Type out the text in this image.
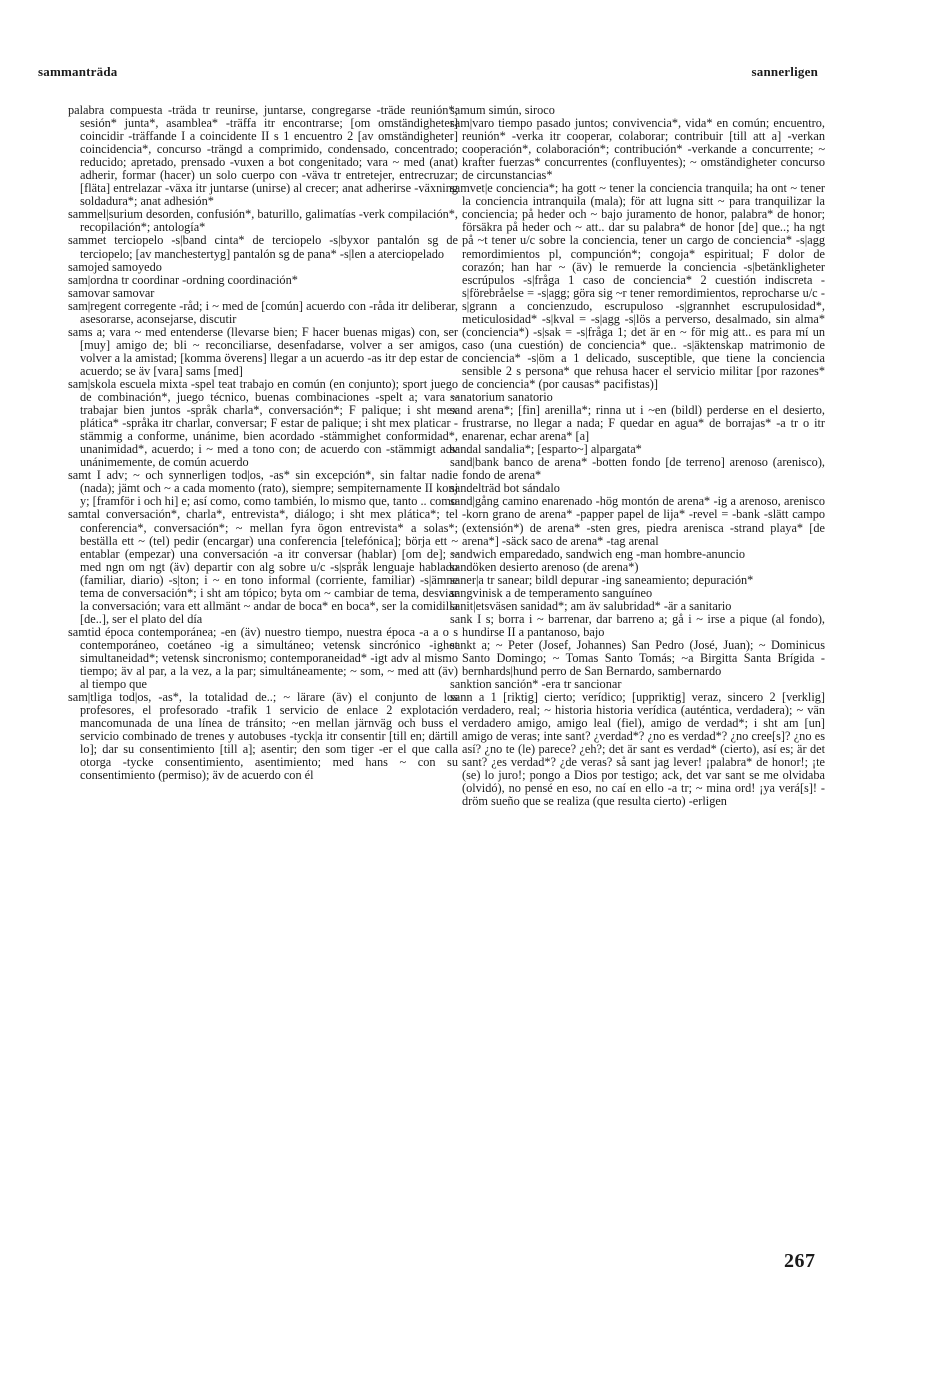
sammanträda	sannerligen

palabra compuesta -träda tr reunirse, juntarse, congregarse -träde reunión*; sesión* junta*, asamblea* -träffa itr encontrarse; [om omständigheter] coincidir -träffande I a coincidente II s 1 encuentro 2 [av omständigheter] coincidencia*, concurso -trängd a comprimido, condensado, concentrado; reducido; apretado, prensado -vuxen a bot congenitado; vara ~ med (anat) adherir, formar (hacer) un solo cuerpo con -väva tr entretejer, entrecruzar; [fläta] entrelazar -växa itr juntarse (unirse) al crecer; anat adherirse -växning soldadura*; anat adhesión*

sammel|surium desorden, confusión*, baturillo, galimatías -verk compilación*, recopilación*; antología*

sammet terciopelo -s|band cinta* de terciopelo -s|byxor pantalón sg de terciopelo; [av manchestertyg] pantalón sg de pana* -s|len a aterciopelado

samojed samoyedo

sam|ordna tr coordinar -ordning coordinación*

samovar samovar

sam|regent corregente -råd; i ~ med de [común] acuerdo con -råda itr deliberar, asesorarse, aconsejarse, discutir

sams a; vara ~ med entenderse (llevarse bien; F hacer buenas migas) con, ser [muy] amigo de; bli ~ reconciliarse, desenfadarse, volver a ser amigos, volver a la amistad; [komma överens] llegar a un acuerdo -as itr dep estar de acuerdo; se äv [vara] sams [med]

sam|skola escuela mixta -spel teat trabajo en común (en conjunto); sport juego de combinación*, juego técnico, buenas combinaciones -spelt a; vara ~ trabajar bien juntos -språk charla*, conversación*; F palique; i sht mex plática* -språka itr charlar, conversar; F estar de palique; i sht mex platicar -stämmig a conforme, unánime, bien acordado -stämmighet conformidad*, unanimidad*, acuerdo; i ~ med a tono con; de acuerdo con -stämmigt adv unánimemente, de común acuerdo

samt I adv; ~ och synnerligen tod|os, -as* sin excepción*, sin faltar nadie (nada); jämt och ~ a cada momento (rato), siempre; sempiternamente II konj y; [framför i och hi] e; así como, como también, lo mismo que, tanto .. como

samtal conversación*, charla*, entrevista*, diálogo; i sht mex plática*; tel conferencia*, conversación*; ~ mellan fyra ögon entrevista* a solas*; beställa ett ~ (tel) pedir (encargar) una conferencia [telefónica]; börja ett ~ entablar (empezar) una conversación -a itr conversar (hablar) [om de]; ~ med ngn om ngt (äv) departir con alg sobre u/c -s|språk lenguaje hablado (familiar, diario) -s|ton; i ~ en tono informal (corriente, familiar) -s|ämne tema de conversación*; i sht am tópico; byta om ~ cambiar de tema, desviar la conversación; vara ett allmänt ~ andar de boca* en boca*, ser la comidilla [de..], ser el plato del día

samtid época contemporánea; -en (äv) nuestro tiempo, nuestra época -a a o s contemporáneo, coetáneo -ig a simultáneo; vetensk sincrónico -ighet simultaneidad*; vetensk sincronismo; contemporaneidad* -igt adv al mismo tiempo; äv al par, a la vez, a la par; simultáneamente; ~ som, ~ med att (äv) al tiempo que

sam|tliga tod|os, -as*, la totalidad de..; ~ lärare (äv) el conjunto de los profesores, el profesorado -trafik 1 servicio de enlace 2 explotación mancomunada de una línea de tránsito; ~en mellan järnväg och buss el servicio combinado de trenes y autobuses -tyck|a itr consentir [till en; därtill lo]; dar su consentimiento [till a]; asentir; den som tiger -er el que calla otorga -tycke consentimiento, asentimiento; med hans ~ con su consentimiento (permiso); äv de acuerdo con él

samum simún, siroco

sam|varo tiempo pasado juntos; convivencia*, vida* en común; encuentro, reunión* -verka itr cooperar, colaborar; contribuir [till att a] -verkan cooperación*, colaboración*; contribución* -verkande a concurrente; ~ krafter fuerzas* concurrentes (confluyentes); ~ omständigheter concurso de circunstancias*

samvet|e conciencia*; ha gott ~ tener la conciencia tranquila; ha ont ~ tener la conciencia intranquila (mala); för att lugna sitt ~ para tranquilizar la conciencia; på heder och ~ bajo juramento de honor, palabra* de honor; försäkra på heder och ~ att.. dar su palabra* de honor [de] que..; ha ngt på ~t tener u/c sobre la conciencia, tener un cargo de conciencia* -s|agg remordimientos pl, compunción*; congoja* espiritual; F dolor de corazón; han har ~ (äv) le remuerde la conciencia -s|betänkligheter escrúpulos -s|fråga 1 caso de conciencia* 2 cuestión indiscreta -s|förebråelse = -s|agg; göra sig ~r tener remordimientos, reprocharse u/c -s|grann a concienzudo, escrupuloso -s|grannhet escrupulosidad*, meticulosidad* -s|kval = -s|agg -s|lös a perverso, desalmado, sin alma* (conciencia*) -s|sak = -s|fråga 1; det är en ~ för mig att.. es para mí un caso (una cuestión) de conciencia* que.. -s|äktenskap matrimonio de conciencia* -s|öm a 1 delicado, susceptible, que tiene la conciencia sensible 2 s persona* que rehusa hacer el servicio militar [por razones* de conciencia* (por causas* pacifistas)]

sanatorium sanatorio

sand arena*; [fin] arenilla*; rinna ut i ~en (bildl) perderse en el desierto, frustrarse, no llegar a nada; F quedar en agua* de borrajas* -a tr o itr enarenar, echar arena* [a]

sandal sandalia*; [esparto~] alpargata*

sand|bank banco de arena* -botten fondo [de terreno] arenoso (arenisco), fondo de arena*

sandelträd bot sándalo

sand|gång camino enarenado -hög montón de arena* -ig a arenoso, arenisco -korn grano de arena* -papper papel de lija* -revel = -bank -slätt campo (extensión*) de arena* -sten gres, piedra arenisca -strand playa* [de arena*] -säck saco de arena* -tag arenal

sandwich emparedado, sandwich eng -man hombre-anuncio

sandöken desierto arenoso (de arena*)

saner|a tr sanear; bildl depurar -ing saneamiento; depuración*

sangvinisk a de temperamento sanguíneo

sanit|etsväsen sanidad*; am äv salubridad* -är a sanitario

sank I s; borra i ~ barrenar, dar barreno a; gå i ~ irse a pique (al fondo), hundirse II a pantanoso, bajo

sankt a; ~ Peter (Josef, Johannes) San Pedro (José, Juan); ~ Dominicus Santo Domingo; ~ Tomas Santo Tomás; ~a Birgitta Santa Brígida -bernhards|hund perro de San Bernardo, sambernardo

sanktion sanción* -era tr sancionar

sann a 1 [riktig] cierto; verídico; [uppriktig] veraz, sincero 2 [verklig] verdadero, real; ~ historia historia verídica (auténtica, verdadera); ~ vän verdadero amigo, amigo leal (fiel), amigo de verdad*; i sht am [un] amigo de veras; inte sant? ¿verdad*? ¿no es verdad*? ¿no cree[s]? ¿no es así? ¿no te (le) parece? ¿eh?; det är sant es verdad* (cierto), así es; är det sant? ¿es verdad*? ¿de veras? så sant jag lever! ¡palabra* de honor!; ¡te (se) lo juro!; pongo a Dios por testigo; ack, det var sant se me olvidaba (olvidó), no pensé en eso, no caí en ello -a tr; ~ mina ord! ¡ya verá[s]! -dröm sueño que se realiza (que resulta cierto) -erligen

267
